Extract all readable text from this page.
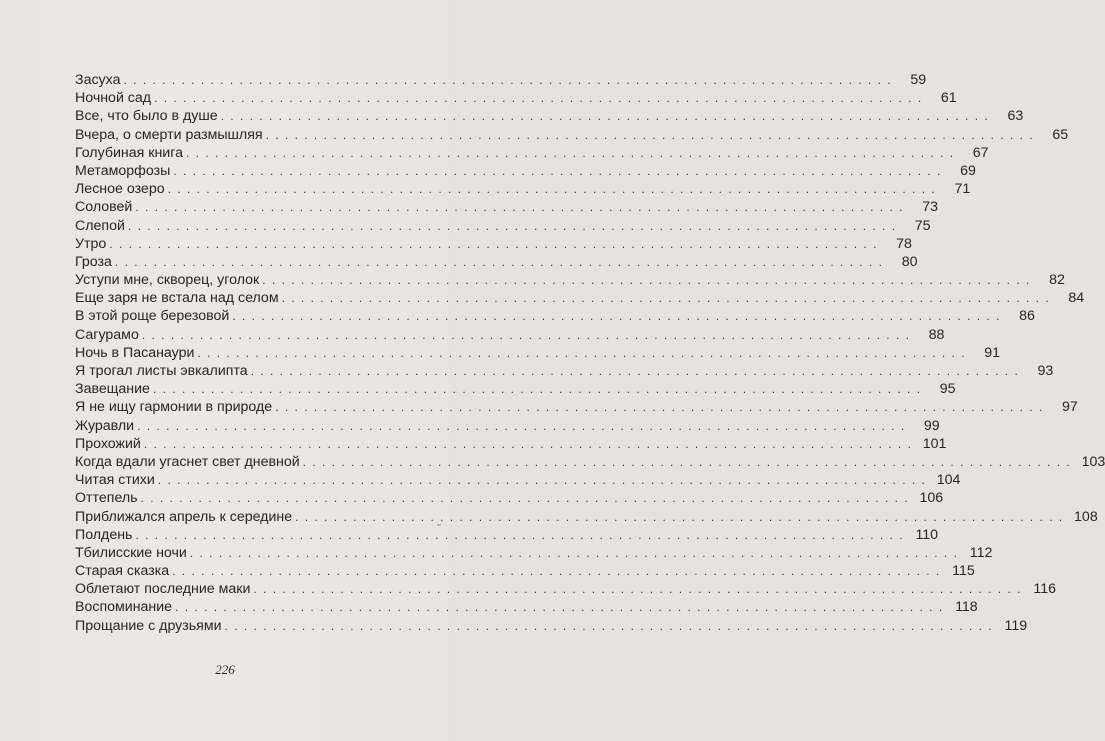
Засуха . . . . . . . . . . . . . . . . . . . . . . . . . . . . . . . . . . . . . . . . . . . . . . . . . . . . . . . . . . . . . . . . . . . . . . . . . . . . . . . .	59
Ночной сад . . . . . . . . . . . . . . . . . . . . . . . . . . . . . . . . . . . . . . . . . . . . . . . . . . . . . . . . . . . . . . . . . . . . . . . . . . . . . . . .	61
Все, что было в душе . . . . . . . . . . . . . . . . . . . . . . . . . . . . . . . . . . . . . . . . . . . . . . . . . . . . . . . . . . . . . . . . . . . . . . . . . . . . . . . .	63
Вчера, о смерти размышляя . . . . . . . . . . . . . . . . . . . . . . . . . . . . . . . . . . . . . . . . . . . . . . . . . . . . . . . . . . . . . . . . . . . . . . . . . . . . . . . .	65
Голубиная книга . . . . . . . . . . . . . . . . . . . . . . . . . . . . . . . . . . . . . . . . . . . . . . . . . . . . . . . . . . . . . . . . . . . . . . . . . . . . . . . .	67
Метаморфозы . . . . . . . . . . . . . . . . . . . . . . . . . . . . . . . . . . . . . . . . . . . . . . . . . . . . . . . . . . . . . . . . . . . . . . . . . . . . . . . .	69
Лесное озеро . . . . . . . . . . . . . . . . . . . . . . . . . . . . . . . . . . . . . . . . . . . . . . . . . . . . . . . . . . . . . . . . . . . . . . . . . . . . . . . .	71
Соловей . . . . . . . . . . . . . . . . . . . . . . . . . . . . . . . . . . . . . . . . . . . . . . . . . . . . . . . . . . . . . . . . . . . . . . . . . . . . . . . .	73
Слепой . . . . . . . . . . . . . . . . . . . . . . . . . . . . . . . . . . . . . . . . . . . . . . . . . . . . . . . . . . . . . . . . . . . . . . . . . . . . . . . .	75
Утро . . . . . . . . . . . . . . . . . . . . . . . . . . . . . . . . . . . . . . . . . . . . . . . . . . . . . . . . . . . . . . . . . . . . . . . . . . . . . . . .	78
Гроза . . . . . . . . . . . . . . . . . . . . . . . . . . . . . . . . . . . . . . . . . . . . . . . . . . . . . . . . . . . . . . . . . . . . . . . . . . . . . . . .	80
Уступи мне, скворец, уголок . . . . . . . . . . . . . . . . . . . . . . . . . . . . . . . . . . . . . . . . . . . . . . . . . . . . . . . . . . . . . . . . . . . . . . . . . . . . . . . .	82
Еще заря не встала над селом . . . . . . . . . . . . . . . . . . . . . . . . . . . . . . . . . . . . . . . . . . . . . . . . . . . . . . . . . . . . . . . . . . . . . . . . . . . . . . . .	84
В этой роще березовой . . . . . . . . . . . . . . . . . . . . . . . . . . . . . . . . . . . . . . . . . . . . . . . . . . . . . . . . . . . . . . . . . . . . . . . . . . . . . . . .	86
Сагурамо . . . . . . . . . . . . . . . . . . . . . . . . . . . . . . . . . . . . . . . . . . . . . . . . . . . . . . . . . . . . . . . . . . . . . . . . . . . . . . . .	88
Ночь в Пасанаури . . . . . . . . . . . . . . . . . . . . . . . . . . . . . . . . . . . . . . . . . . . . . . . . . . . . . . . . . . . . . . . . . . . . . . . . . . . . . . . .	91
Я трогал листы эвкалипта . . . . . . . . . . . . . . . . . . . . . . . . . . . . . . . . . . . . . . . . . . . . . . . . . . . . . . . . . . . . . . . . . . . . . . . . . . . . . . . .	93
Завещание . . . . . . . . . . . . . . . . . . . . . . . . . . . . . . . . . . . . . . . . . . . . . . . . . . . . . . . . . . . . . . . . . . . . . . . . . . . . . . . .	95
Я не ищу гармонии в природе . . . . . . . . . . . . . . . . . . . . . . . . . . . . . . . . . . . . . . . . . . . . . . . . . . . . . . . . . . . . . . . . . . . . . . . . . . . . . . . .	97
Журавли . . . . . . . . . . . . . . . . . . . . . . . . . . . . . . . . . . . . . . . . . . . . . . . . . . . . . . . . . . . . . . . . . . . . . . . . . . . . . . . .	99
Прохожий . . . . . . . . . . . . . . . . . . . . . . . . . . . . . . . . . . . . . . . . . . . . . . . . . . . . . . . . . . . . . . . . . . . . . . . . . . . . . . . . 101
Когда вдали угаснет свет дневной . . . . . . . . . . . . . . . . . . . . . . . . . . . . . . . . . . . . . . . . . . . . . . . . . . . . . . . . . . . . . . . . . . . . . . . . . . . . . . . . 103
Читая стихи . . . . . . . . . . . . . . . . . . . . . . . . . . . . . . . . . . . . . . . . . . . . . . . . . . . . . . . . . . . . . . . . . . . . . . . . . . . . . . . . 104
Оттепель . . . . . . . . . . . . . . . . . . . . . . . . . . . . . . . . . . . . . . . . . . . . . . . . . . . . . . . . . . . . . . . . . . . . . . . . . . . . . . . . 106
Приближался апрель к середине . . . . . . . . . . . . . . . . . . . . . . . . . . . . . . . . . . . . . . . . . . . . . . . . . . . . . . . . . . . . . . . . . . . . . . . . . . . . . . . . 108
Полдень . . . . . . . . . . . . . . . . . . . . . . . . . . . . . . . . . . . . . . . . . . . . . . . . . . . . . . . . . . . . . . . . . . . . . . . . . . . . . . . . 110
Тбилисские ночи . . . . . . . . . . . . . . . . . . . . . . . . . . . . . . . . . . . . . . . . . . . . . . . . . . . . . . . . . . . . . . . . . . . . . . . . . . . . . . . . 112
Старая сказка . . . . . . . . . . . . . . . . . . . . . . . . . . . . . . . . . . . . . . . . . . . . . . . . . . . . . . . . . . . . . . . . . . . . . . . . . . . . . . . . 115
Облетают последние маки . . . . . . . . . . . . . . . . . . . . . . . . . . . . . . . . . . . . . . . . . . . . . . . . . . . . . . . . . . . . . . . . . . . . . . . . . . . . . . . . 116
Воспоминание . . . . . . . . . . . . . . . . . . . . . . . . . . . . . . . . . . . . . . . . . . . . . . . . . . . . . . . . . . . . . . . . . . . . . . . . . . . . . . . . 118
Прощание с друзьями . . . . . . . . . . . . . . . . . . . . . . . . . . . . . . . . . . . . . . . . . . . . . . . . . . . . . . . . . . . . . . . . . . . . . . . . . . . . . . . . 119
226
